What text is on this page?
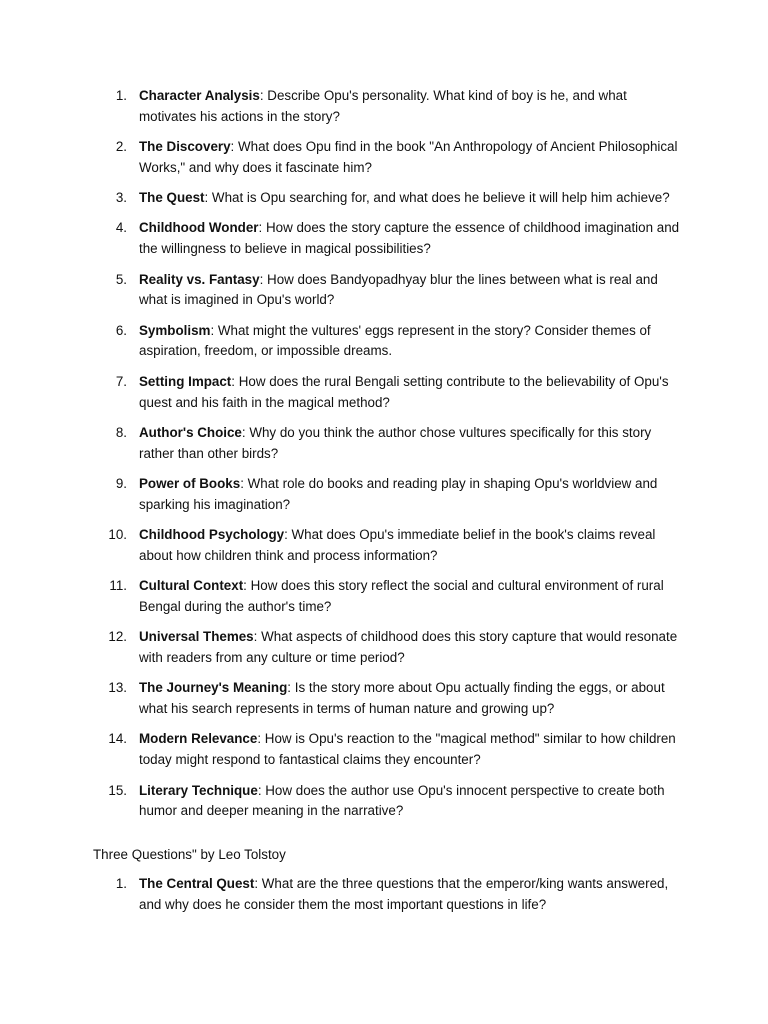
1. Character Analysis: Describe Opu's personality. What kind of boy is he, and what motivates his actions in the story?
2. The Discovery: What does Opu find in the book "An Anthropology of Ancient Philosophical Works," and why does it fascinate him?
3. The Quest: What is Opu searching for, and what does he believe it will help him achieve?
4. Childhood Wonder: How does the story capture the essence of childhood imagination and the willingness to believe in magical possibilities?
5. Reality vs. Fantasy: How does Bandyopadhyay blur the lines between what is real and what is imagined in Opu's world?
6. Symbolism: What might the vultures' eggs represent in the story? Consider themes of aspiration, freedom, or impossible dreams.
7. Setting Impact: How does the rural Bengali setting contribute to the believability of Opu's quest and his faith in the magical method?
8. Author's Choice: Why do you think the author chose vultures specifically for this story rather than other birds?
9. Power of Books: What role do books and reading play in shaping Opu's worldview and sparking his imagination?
10. Childhood Psychology: What does Opu's immediate belief in the book's claims reveal about how children think and process information?
11. Cultural Context: How does this story reflect the social and cultural environment of rural Bengal during the author's time?
12. Universal Themes: What aspects of childhood does this story capture that would resonate with readers from any culture or time period?
13. The Journey's Meaning: Is the story more about Opu actually finding the eggs, or about what his search represents in terms of human nature and growing up?
14. Modern Relevance: How is Opu's reaction to the "magical method" similar to how children today might respond to fantastical claims they encounter?
15. Literary Technique: How does the author use Opu's innocent perspective to create both humor and deeper meaning in the narrative?
Three Questions" by Leo Tolstoy
1. The Central Quest: What are the three questions that the emperor/king wants answered, and why does he consider them the most important questions in life?
